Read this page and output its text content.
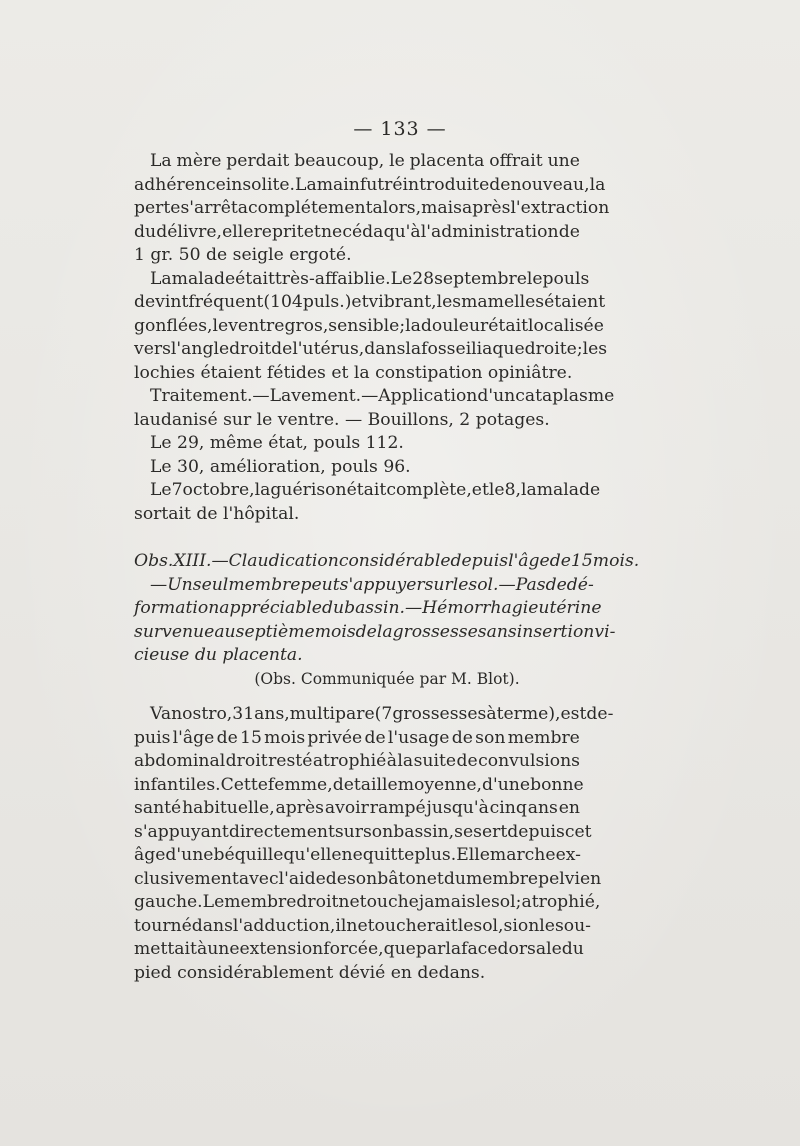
— 133 —
La mère perdait beaucoup, le placenta offrait une
adhérence insolite. La main fut réintroduite de nouveau, la
perte s'arrêta complétement alors, mais après l'extraction
du délivre, elle reprit et ne céda qu'à l'administration de
1 gr. 50 de seigle ergoté.
La malade était très-affaiblie. Le 28 septembre le pouls
devint fréquent (104 puls.) et vibrant, les mamelles étaient
gonflées, le ventre gros, sensible; la douleur était localisée
vers l'angle droit de l'utérus, dans la fosse iliaque droite; les
lochies étaient fétides et la constipation opiniâtre.
Traitement. — Lavement. — Application d'un cataplasme
laudanisé sur le ventre. — Bouillons, 2 potages.
Le 29, même état, pouls 112.
Le 30, amélioration, pouls 96.
Le 7 octobre, la guérison était complète, et le 8, la malade
sortait de l'hôpital.
Obs. XIII. — Claudication considérable depuis l'âge de 15 mois.
— Un seul membre peut s'appuyer sur le sol. — Pas de dé-
formation appréciable du bassin. — Hémorrhagie utérine
survenue au septième mois de la grossesse sans insertion vi-
cieuse du placenta.
(Obs. Communiquée par M. Blot).
Vanostro, 31 ans, multipare (7 grossesses à terme), est de-
puis l'âge de 15 mois privée de l'usage de son membre
abdominal droit resté atrophié à la suite de convulsions
infantiles. Cette femme, de taille moyenne, d'une bonne
santé habituelle, après avoir rampé jusqu'à cinq ans en
s'appuyant directement sur son bassin, se sert depuis cet
âge d'une béquille qu'elle ne quitte plus. Elle marche ex-
clusivement avec l'aide de son bâton et du membre pelvien
gauche. Le membre droit ne touche jamais le sol; atrophié,
tourné dans l'adduction, il ne toucherait le sol, si on le sou-
mettait à une extension forcée, que par la face dorsale du
pied considérablement dévié en dedans.
